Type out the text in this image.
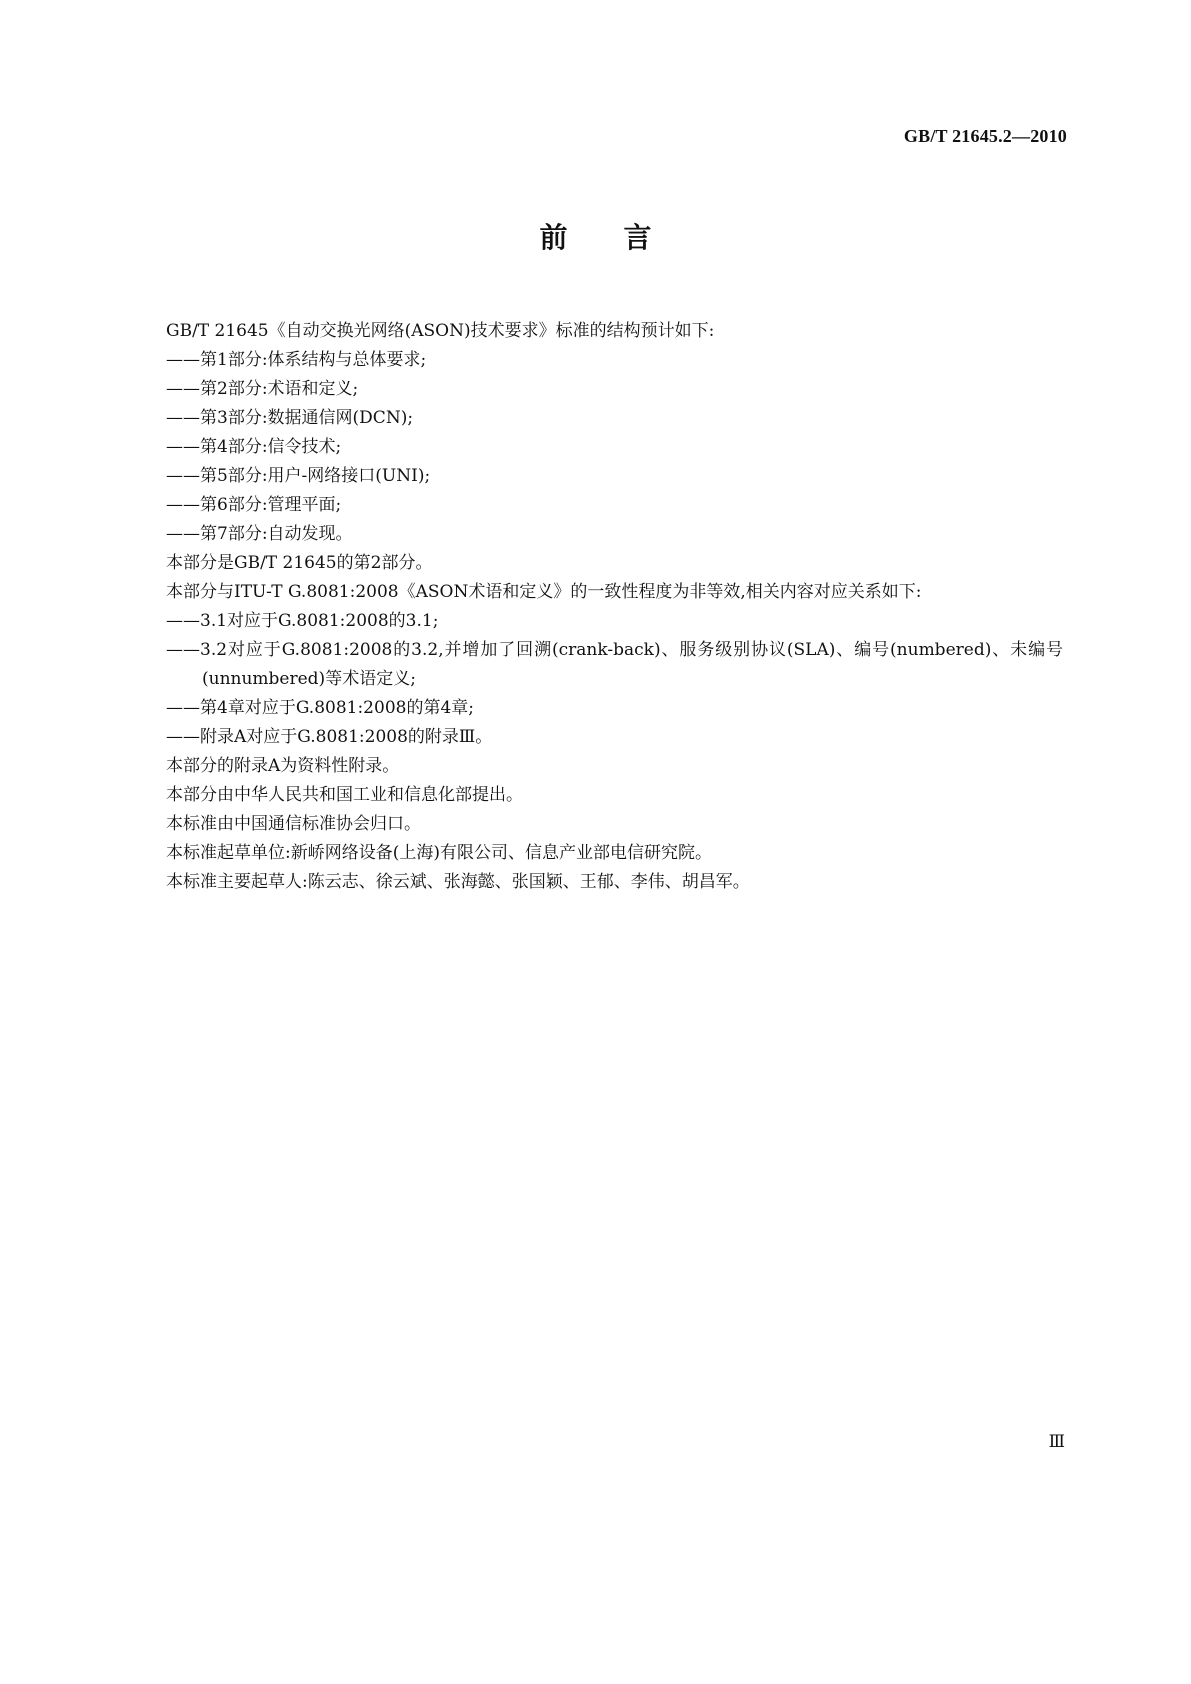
GB/T 21645.2—2010
前言

GB/T 21645《自动交换光网络(ASON)技术要求》标准的结构预计如下:

——第1部分:体系结构与总体要求;

——第2部分:术语和定义;

——第3部分:数据通信网(DCN);

——第4部分:信令技术;

——第5部分:用户-网络接口(UNI);

——第6部分:管理平面;

——第7部分:自动发现。

本部分是GB/T 21645的第2部分。

本部分与ITU-T G.8081:2008《ASON术语和定义》的一致性程度为非等效,相关内容对应关系如下:

——3.1对应于G.8081:2008的3.1;

——3.2对应于G.8081:2008的3.2,并增加了回溯(crank-back)、服务级别协议(SLA)、编号(numbered)、未编号(unnumbered)等术语定义;

——第4章对应于G.8081:2008的第4章;

——附录A对应于G.8081:2008的附录Ⅲ。

本部分的附录A为资料性附录。

本部分由中华人民共和国工业和信息化部提出。

本标准由中国通信标准协会归口。

本标准起草单位:新峤网络设备(上海)有限公司、信息产业部电信研究院。

本标准主要起草人:陈云志、徐云斌、张海懿、张国颖、王郁、李伟、胡昌军。

Ⅲ
